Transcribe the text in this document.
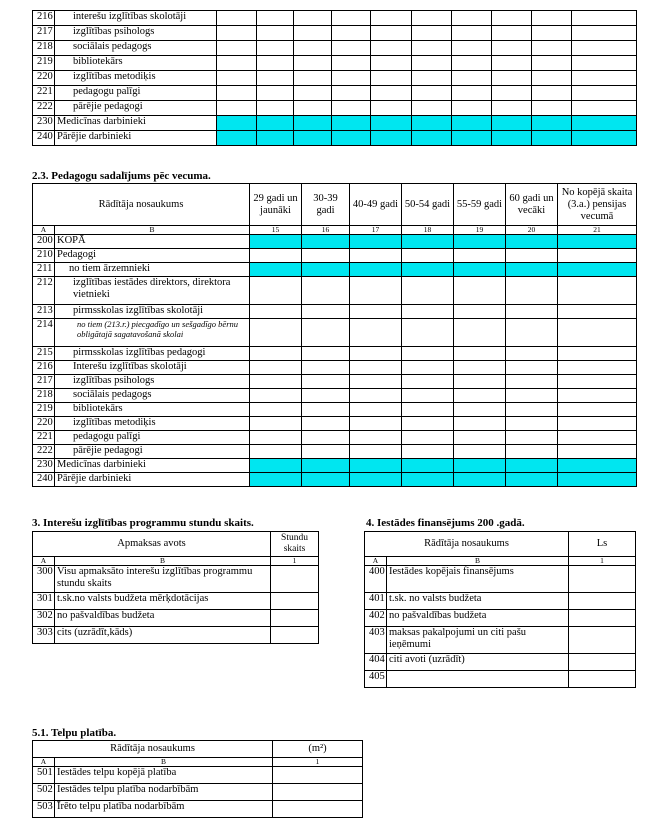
216	interešu izglītības skolotāji										
217	izglītības psihologs										
218	sociālais pedagogs										
219	bibliotekārs										
220	izglītības metodiķis										
221	pedagogu palīgi										
222	pārējie pedagogi										
230	Medicīnas darbinieki										
240	Pārējie darbinieki										
2.3. Pedagogu sadalījums pēc vecuma.
Rādītāja nosaukums		29 gadi un jaunāki	30-39 gadi	40-49 gadi	50-54 gadi	55-59 gadi	60 gadi un vecāki	No kopējā skaita (3.a.) pensijas vecumā
A	B	15	16	17	18	19	20	21
200	KOPĀ							
210	Pedagogi							
211	no tiem ārzemnieki							
212	izglītības iestādes direktors, direktora vietnieki							
213	pirmsskolas izglītības skolotāji							
214	no tiem (213.r.) piecgadīgo un sešgadīgo bērnu obligātajā sagatavošanā skolai							
215	pirmsskolas izglītības pedagogi							
216	Interešu izglītības skolotāji							
217	izglītības psihologs							
218	sociālais pedagogs							
219	bibliotekārs							
220	izglītības metodiķis							
221	pedagogu palīgi							
222	pārējie pedagogi							
230	Medicīnas darbinieki							
240	Pārējie darbinieki							
3. Interešu izglītības programmu stundu skaits.
Apmaksas avots		Stundu skaits
A	B	1
300	Visu apmaksāto interešu izglītības programmu stundu skaits	
301	t.sk.no valsts budžeta mērķdotācijas	
302	no pašvaldības budžeta	
303	cits (uzrādīt,kāds)	
4. Iestādes finansējums 200 .gadā.
Rādītāja nosaukums		Ls
A	B	1
400	Iestādes kopējais finansējums	
401	t.sk. no valsts budžeta	
402	no pašvaldības budžeta	
403	maksas pakalpojumi un citi pašu ieņēmumi	
404	citi avoti (uzrādīt)	
405		
5.1. Telpu platība.
Rādītāja nosaukums		(m²)
A	B	1
501	Iestādes telpu kopējā platība	
502	Iestādes telpu platība nodarbībām	
503	Īrēto telpu platība nodarbībām	
